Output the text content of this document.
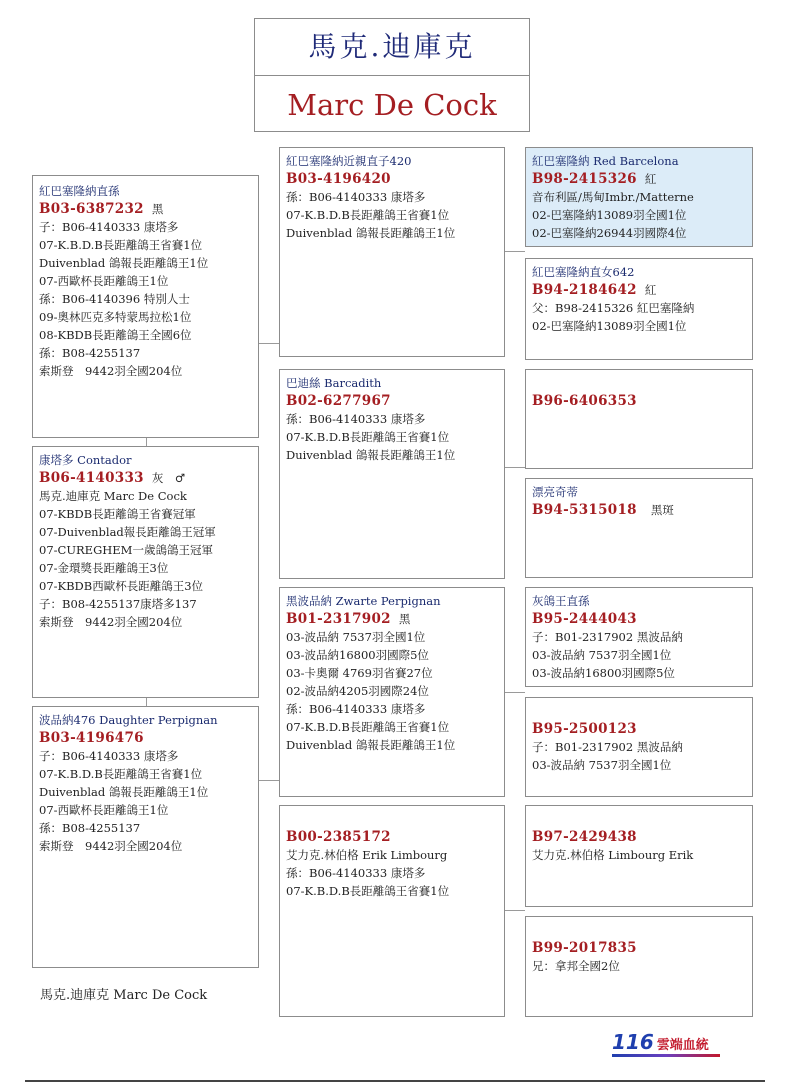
馬克.迪庫克
Marc De Cock
紅巴塞隆納直孫
B03-6387232 黑
子：B06-4140333 康塔多
07-K.B.D.B長距離鴿王省賽1位
Duivenblad 鴿報長距離鴿王1位
07-西歐杯長距離鴿王1位
孫：B06-4140396 特別人士
09-奧林匹克多特蒙馬拉松1位
08-KBDB長距離鴿王全國6位
孫：B08-4255137
索斯登　9442羽全國204位
康塔多 Contador
B06-4140333 灰　♂
馬克.迪庫克 Marc De Cock
07-KBDB長距離鴿王省賽冠軍
07-Duivenblad報長距離鴿王冠軍
07-CUREGHEM一歲鴿鴿王冠軍
07-金環獎長距離鴿王3位
07-KBDB西歐杯長距離鴿王3位
子：B08-4255137康塔多137
索斯登　9442羽全國204位
波品納476 Daughter Perpignan
B03-4196476
子：B06-4140333 康塔多
07-K.B.D.B長距離鴿王省賽1位
Duivenblad 鴿報長距離鴿王1位
07-西歐杯長距離鴿王1位
孫：B08-4255137
索斯登　9442羽全國204位
馬克.迪庫克 Marc De Cock
紅巴塞隆納近親直子420
B03-4196420
孫：B06-4140333 康塔多
07-K.B.D.B長距離鴿王省賽1位
Duivenblad 鴿報長距離鴿王1位
巴迪絲 Barcadith
B02-6277967
孫：B06-4140333 康塔多
07-K.B.D.B長距離鴿王省賽1位
Duivenblad 鴿報長距離鴿王1位
黑波品納 Zwarte Perpignan
B01-2317902 黑
03-波品納 7537羽全國1位
03-波品納16800羽國際5位
03-卡奧爾 4769羽省賽27位
02-波品納4205羽國際24位
孫：B06-4140333 康塔多
07-K.B.D.B長距離鴿王省賽1位
Duivenblad 鴿報長距離鴿王1位
B00-2385172
艾力克.林伯格 Erik Limbourg
孫：B06-4140333 康塔多
07-K.B.D.B長距離鴿王省賽1位
紅巴塞隆納 Red Barcelona
B98-2415326 紅
音布利區/馬甸Imbr./Matterne
02-巴塞隆納13089羽全國1位
02-巴塞隆納26944羽國際4位
紅巴塞隆納直女642
B94-2184642 紅
父：B98-2415326 紅巴塞隆納
02-巴塞隆納13089羽全國1位
B96-6406353
漂亮奇蒂
B94-5315018 黑斑
灰鴿王直孫
B95-2444043
子：B01-2317902 黑波品納
03-波品納 7537羽全國1位
03-波品納16800羽國際5位
B95-2500123
子：B01-2317902 黑波品納
03-波品納 7537羽全國1位
B97-2429438
艾力克.林伯格 Limbourg Erik
B99-2017835
兄：拿邦全國2位
116 雲端血統
